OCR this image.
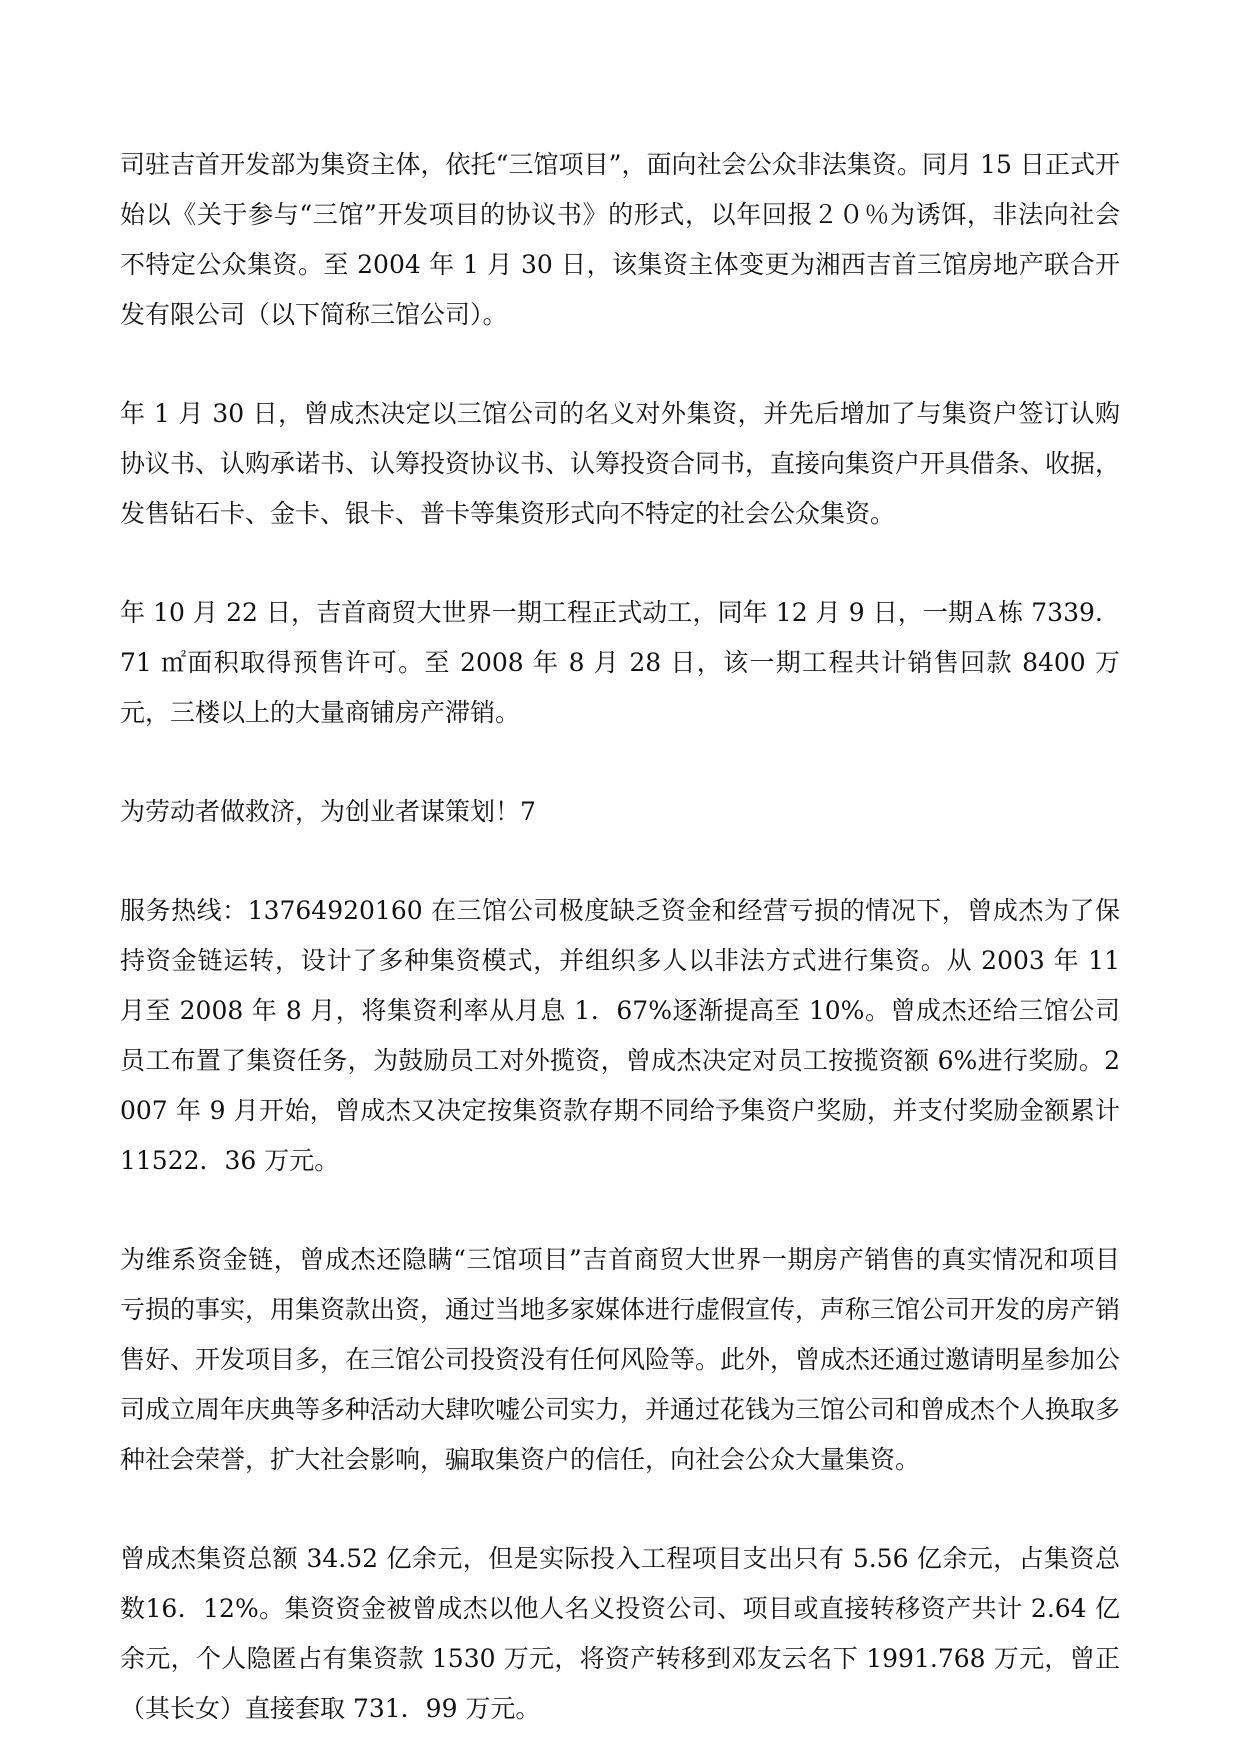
司驻吉首开发部为集资主体，依托“三馆项目”，面向社会公众非法集资。同月 15 日正式开始以《关于参与“三馆”开发项目的协议书》的形式，以年回报２０％为诱饵，非法向社会不特定公众集资。至 2004 年 1 月 30 日，该集资主体变更为湘西吉首三馆房地产联合开发有限公司（以下简称三馆公司）。

年 1 月 30 日，曾成杰决定以三馆公司的名义对外集资，并先后增加了与集资户签订认购协议书、认购承诺书、认筹投资协议书、认筹投资合同书，直接向集资户开具借条、收据，发售钻石卡、金卡、银卡、普卡等集资形式向不特定的社会公众集资。

年 10 月 22 日，吉首商贸大世界一期工程正式动工，同年 12 月 9 日，一期Ａ栋 7339．71 ㎡面积取得预售许可。至 2008 年 8 月 28 日，该一期工程共计销售回款 8400 万元，三楼以上的大量商铺房产滞销。

为劳动者做救济，为创业者谋策划！7

服务热线：13764920160 在三馆公司极度缺乏资金和经营亏损的情况下，曾成杰为了保持资金链运转，设计了多种集资模式，并组织多人以非法方式进行集资。从 2003 年 11 月至 2008 年 8 月，将集资利率从月息 1．67%逐渐提高至 10%。曾成杰还给三馆公司员工布置了集资任务，为鼓励员工对外揽资，曾成杰决定对员工按揽资额 6%进行奖励。2007 年 9 月开始，曾成杰又决定按集资款存期不同给予集资户奖励，并支付奖励金额累计 11522．36 万元。

为维系资金链，曾成杰还隐瞒“三馆项目”吉首商贸大世界一期房产销售的真实情况和项目亏损的事实，用集资款出资，通过当地多家媒体进行虚假宣传，声称三馆公司开发的房产销售好、开发项目多，在三馆公司投资没有任何风险等。此外，曾成杰还通过邀请明星参加公司成立周年庆典等多种活动大肆吹嘘公司实力，并通过花钱为三馆公司和曾成杰个人换取多种社会荣誉，扩大社会影响，骗取集资户的信任，向社会公众大量集资。

曾成杰集资总额 34.52 亿余元，但是实际投入工程项目支出只有 5.56 亿余元，占集资总数16．12%。集资资金被曾成杰以他人名义投资公司、项目或直接转移资产共计 2.64 亿余元，个人隐匿占有集资款 1530 万元，将资产转移到邓友云名下 1991.768 万元，曾正（其长女）直接套取 731．99 万元。
